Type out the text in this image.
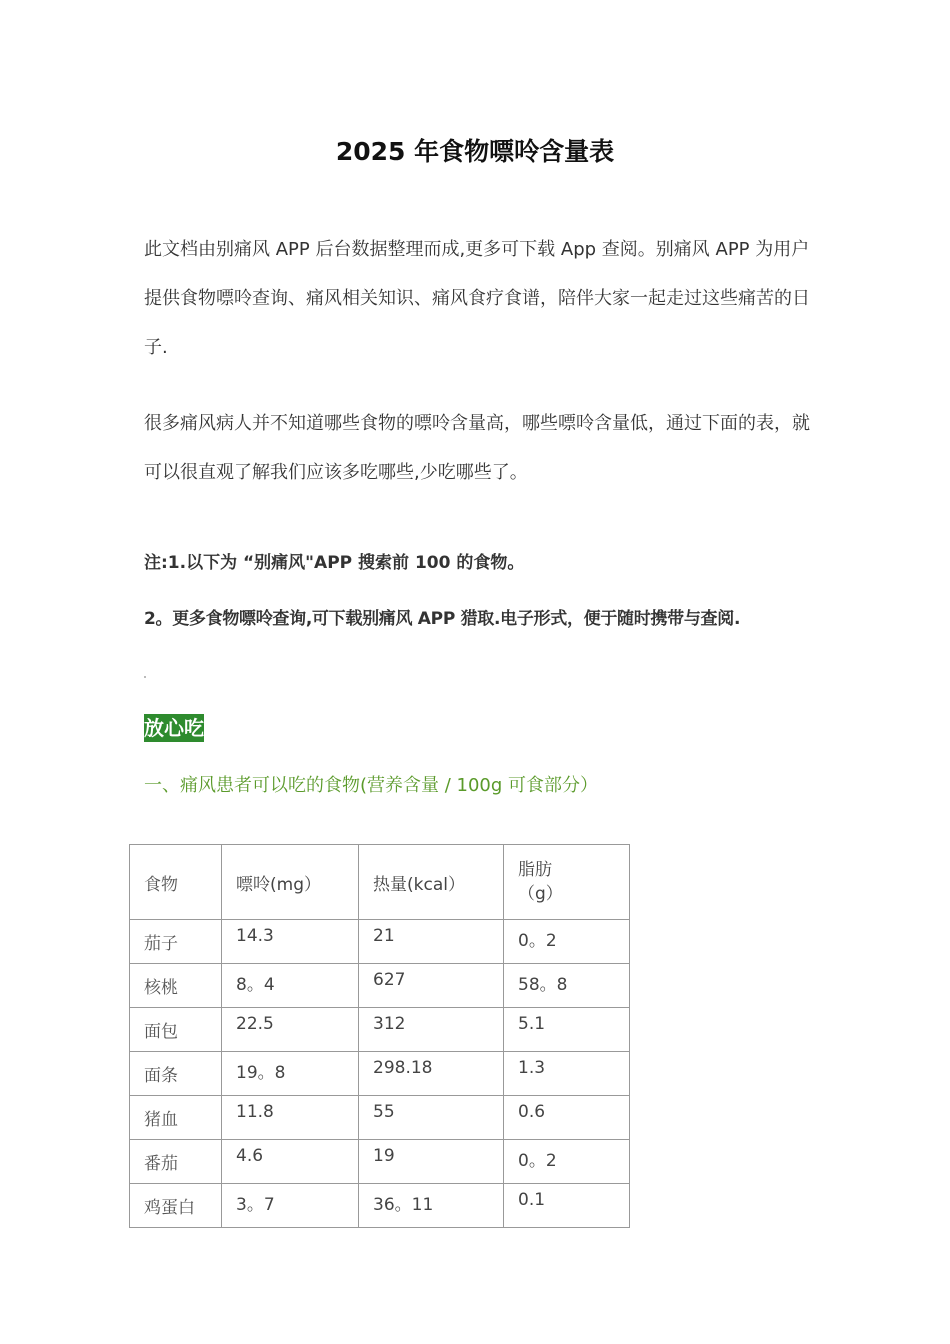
2025 年食物嘌呤含量表
此文档由别痛风 APP 后台数据整理而成,更多可下载 App 查阅。别痛风 APP 为用户提供食物嘌呤查询、痛风相关知识、痛风食疗食谱，陪伴大家一起走过这些痛苦的日子.
很多痛风病人并不知道哪些食物的嘌呤含量高，哪些嘌呤含量低，通过下面的表，就可以很直观了解我们应该多吃哪些,少吃哪些了。
注:1.以下为 “别痛风"APP 搜索前 100 的食物。
2。更多食物嘌呤查询,可下载别痛风 APP 猎取.电子形式，便于随时携带与查阅.
放心吃
一、痛风患者可以吃的食物(营养含量 / 100g 可食部分）
食物	嘌呤(mg）	热量(kcal）	脂肪
（g）

茄子	14.3	21	0。2
核桃	8。4	627	58。8
面包	22.5	312	5.1
面条	19。8	298.18	1.3
猪血	11.8	55	0.6
番茄	4.6	19	0。2
鸡蛋白	3。7	36。11	0.1
